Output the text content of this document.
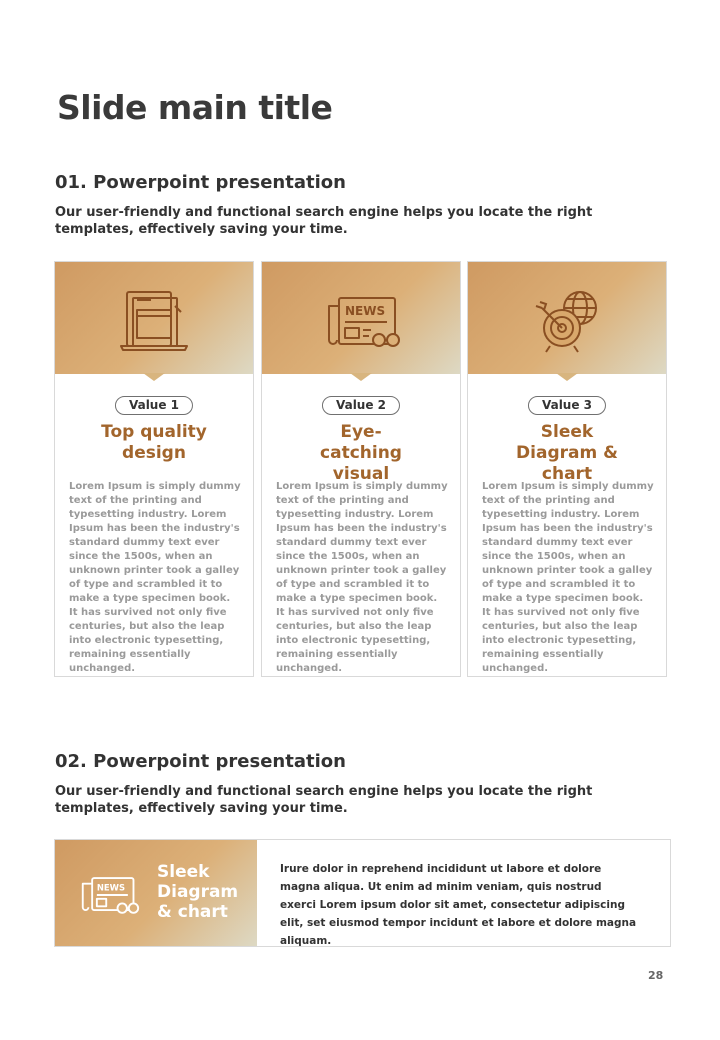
Slide main title
01. Powerpoint presentation
Our user-friendly and functional search engine helps you locate the right templates, effectively saving your time.
Value 1
Top quality design
Lorem Ipsum is simply dummy text of the printing and typesetting industry. Lorem Ipsum has been the industry's standard dummy text ever since the 1500s, when an unknown printer took a galley of type and scrambled it to make a type specimen book. It has survived not only five centuries, but also the leap into electronic typesetting, remaining essentially unchanged.
NEWS
Value 2
Eye-catching visual
Lorem Ipsum is simply dummy text of the printing and typesetting industry. Lorem Ipsum has been the industry's standard dummy text ever since the 1500s, when an unknown printer took a galley of type and scrambled it to make a type specimen book. It has survived not only five centuries, but also the leap into electronic typesetting, remaining essentially unchanged.
Value 3
Sleek Diagram & chart
Lorem Ipsum is simply dummy text of the printing and typesetting industry. Lorem Ipsum has been the industry's standard dummy text ever since the 1500s, when an unknown printer took a galley of type and scrambled it to make a type specimen book. It has survived not only five centuries, but also the leap into electronic typesetting, remaining essentially unchanged.
02. Powerpoint presentation
Our user-friendly and functional search engine helps you locate the right templates, effectively saving your time.
NEWS
Sleek Diagram & chart
Irure dolor in reprehend incididunt ut labore et dolore magna aliqua. Ut enim ad minim veniam, quis nostrud exerci Lorem ipsum dolor sit amet, consectetur adipiscing elit, set eiusmod tempor incidunt et labore et dolore magna aliquam.
28
